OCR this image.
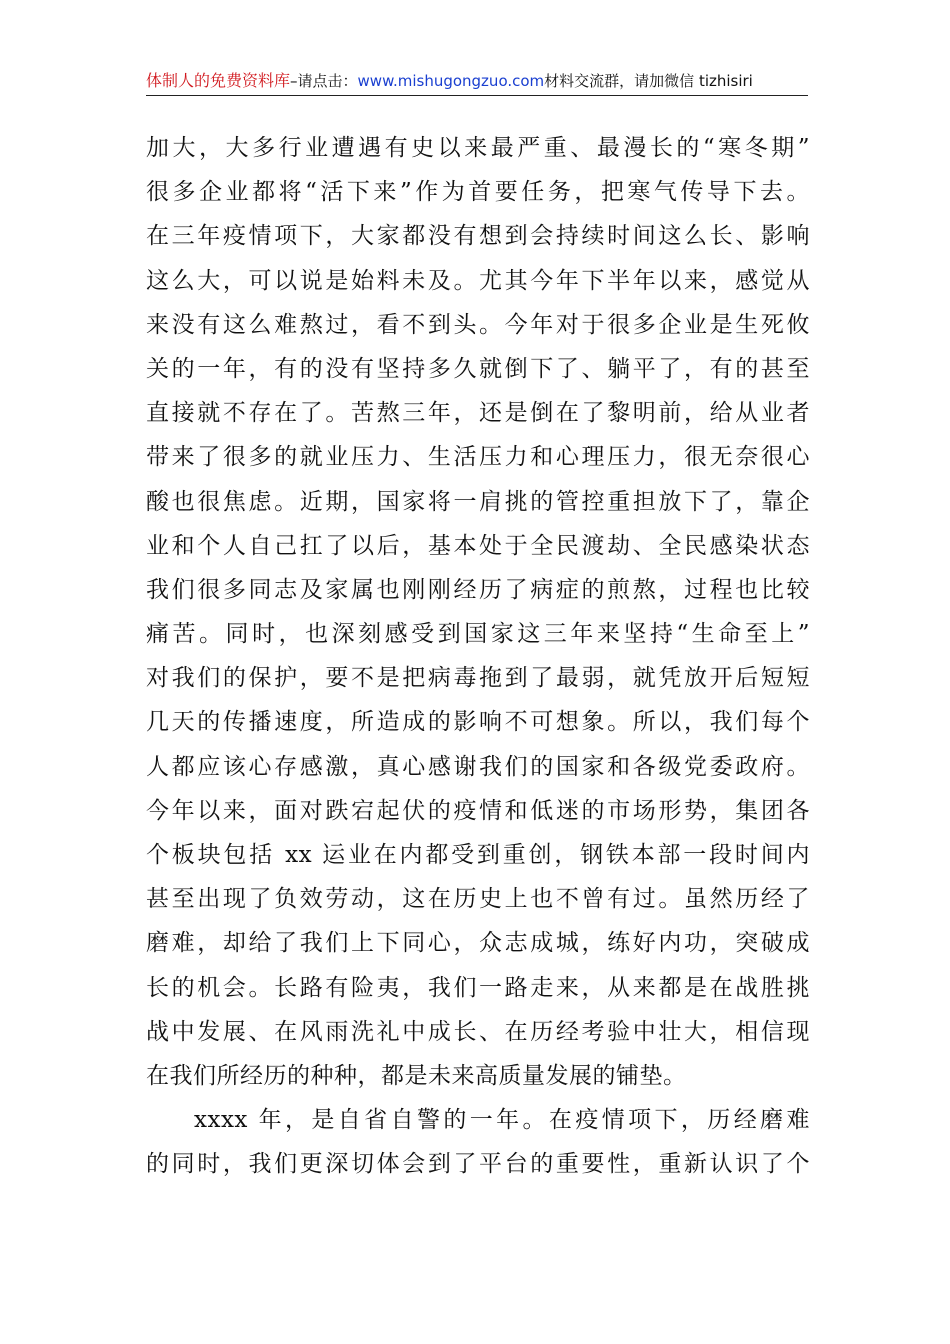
体制人的免费资料库–请点击：www.mishugongzuo.com材料交流群，请加微信 tizhisiri
加大，大多行业遭遇有史以来最严重、最漫长的“寒冬期”
很多企业都将“活下来”作为首要任务，把寒气传导下去。
在三年疫情项下，大家都没有想到会持续时间这么长、影响
这么大，可以说是始料未及。尤其今年下半年以来，感觉从
来没有这么难熬过，看不到头。今年对于很多企业是生死攸
关的一年，有的没有坚持多久就倒下了、躺平了，有的甚至
直接就不存在了。苦熬三年，还是倒在了黎明前，给从业者
带来了很多的就业压力、生活压力和心理压力，很无奈很心
酸也很焦虑。近期，国家将一肩挑的管控重担放下了，靠企
业和个人自己扛了以后，基本处于全民渡劫、全民感染状态
我们很多同志及家属也刚刚经历了病症的煎熬，过程也比较
痛苦。同时，也深刻感受到国家这三年来坚持“生命至上”
对我们的保护，要不是把病毒拖到了最弱，就凭放开后短短
几天的传播速度，所造成的影响不可想象。所以，我们每个
人都应该心存感激，真心感谢我们的国家和各级党委政府。
今年以来，面对跌宕起伏的疫情和低迷的市场形势，集团各
个板块包括 xx 运业在内都受到重创，钢铁本部一段时间内
甚至出现了负效劳动，这在历史上也不曾有过。虽然历经了
磨难，却给了我们上下同心，众志成城，练好内功，突破成
长的机会。长路有险夷，我们一路走来，从来都是在战胜挑
战中发展、在风雨洗礼中成长、在历经考验中壮大，相信现
在我们所经历的种种，都是未来高质量发展的铺垫。
xxxx 年，是自省自警的一年。在疫情项下，历经磨难
的同时，我们更深切体会到了平台的重要性，重新认识了个
